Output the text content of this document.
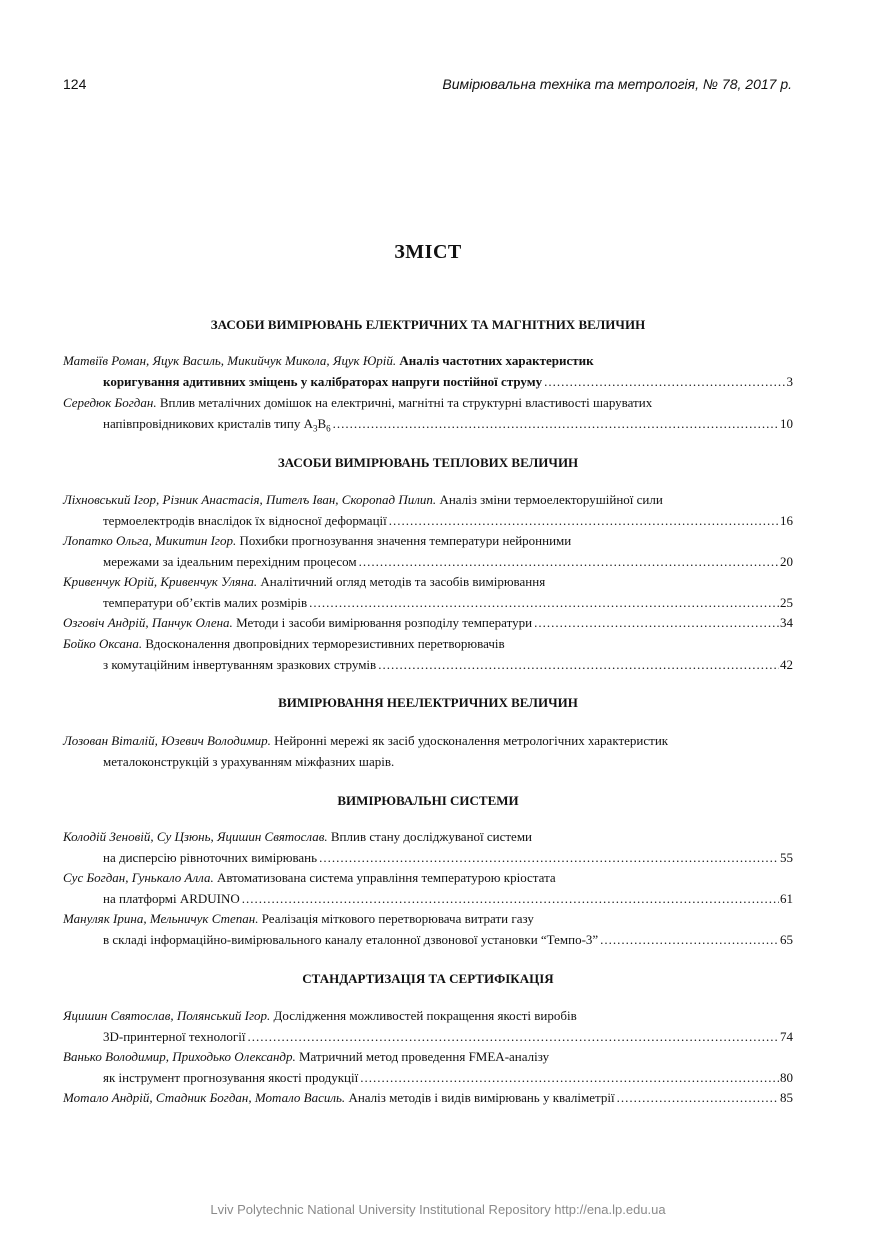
124	Вимірювальна техніка та метрологія, № 78, 2017 р.
ЗМІСТ
ЗАСОБИ ВИМІРЮВАНЬ ЕЛЕКТРИЧНИХ ТА МАГНІТНИХ ВЕЛИЧИН
Матвіїв Роман, Яцук Василь, Микийчук Микола, Яцук Юрій. Аналіз частотних характеристик
коригування адитивних зміщень у калібраторах напруги постійної струму .....	3
Середюк Богдан. Вплив металічних домішок на електричні, магнітні та структурні властивості шаруватих
напівпровідникових кристалів типу $A_3B_6$ .....	10
ЗАСОБИ ВИМІРЮВАНЬ ТЕПЛОВИХ ВЕЛИЧИН
Ліхновський Ігор, Різник Анастасія, Пителъ Іван, Скоропад Пилип. Аналіз зміни термоелекторушійної сили
термоелектродів внаслідок їх відносної деформації .....	16
Лопатко Ольга, Микитин Ігор. Похибки прогнозування значення температури нейронними
мережами за ідеальним перехідним процесом .....	20
Кривенчук Юрій, Кривенчук Уляна. Аналітичний огляд методів та засобів вимірювання
температури об’єктів малих розмірів .....	25
Озговіч Андрій, Панчук Олена. Методи і засоби вимірювання розподілу температури .....	34
Бойко Оксана. Вдосконалення двопровідних терморезистивних перетворювачів
з комутаційним інвертуванням зразкових струмів .....	42
ВИМІРЮВАННЯ НЕЕЛЕКТРИЧНИХ ВЕЛИЧИН
Лозован Віталій, Юзевич Володимир. Нейронні мережі як засіб удосконалення метрологічних характеристик
металоконструкцій з урахуванням міжфазних шарів.
ВИМІРЮВАЛЬНІ СИСТЕМИ
Колодій Зеновій, Су Цзюнь, Яцишин Святослав. Вплив стану досліджуваної системи
на дисперсію рівноточних вимірювань .....	55
Сус Богдан, Гунькало Алла. Автоматизована система управління температурою кріостата
на платформі ARDUINO .....	61
Мануляк Ірина, Мельничук Степан. Реалізація міткового перетворювача витрати газу
в складі інформаційно-вимірювального каналу еталонної дзвонової установки “Темпо-3” .....	65
СТАНДАРТИЗАЦІЯ ТА СЕРТИФІКАЦІЯ
Яцишин Святослав, Полянський Ігор. Дослідження можливостей покращення якості виробів
3D-принтерної технології .....	74
Ванько Володимир, Приходько Олександр. Матричний метод проведення FMEA-аналізу
як інструмент прогнозування якості продукції .....	80
Мотало Андрій, Стадник Богдан, Мотало Василь. Аналіз методів і видів вимірювань у кваліметрії .....	85
Lviv Polytechnic National University Institutional Repository http://ena.lp.edu.ua
